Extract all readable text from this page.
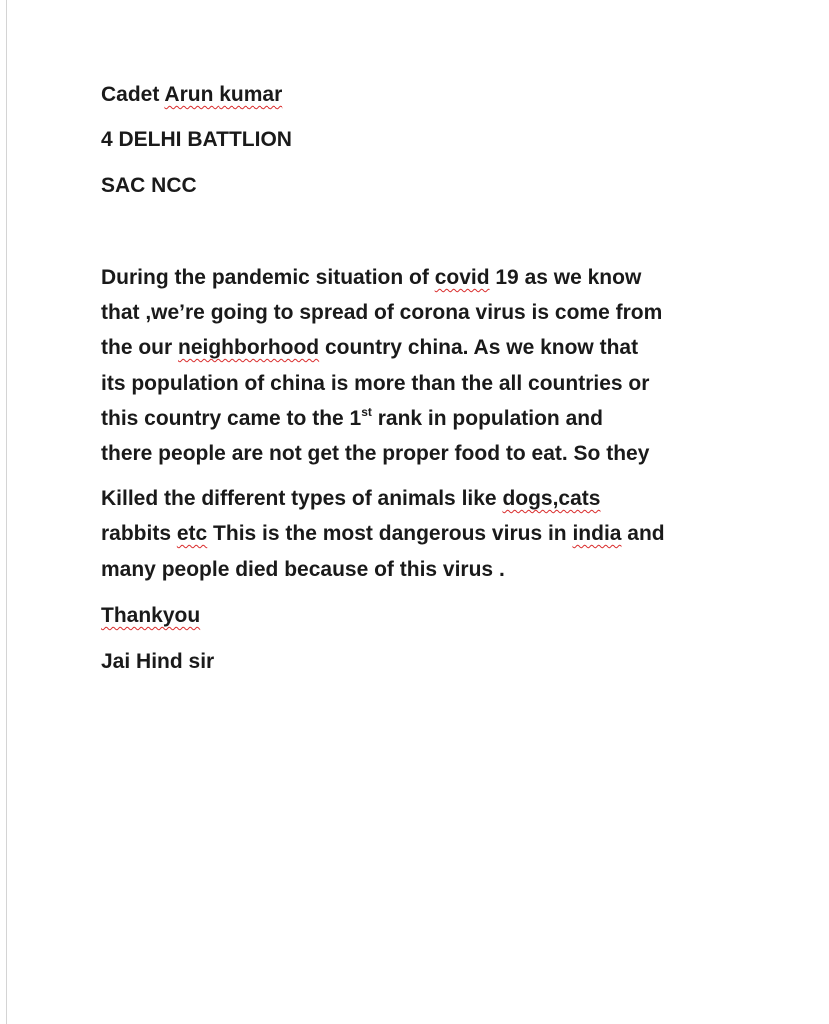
Cadet Arun kumar
4 DELHI BATTLION
SAC NCC
During the pandemic situation of covid 19 as we know
that ,we’re going to spread of corona virus is come from
the our neighborhood country china. As we know that
its population of china is more than the all countries or
this country came to the 1st rank in population and
there people are not get the proper food to eat. So they
Killed the different types of animals like dogs,cats
rabbits etc This is the most dangerous virus in india and
many people died because of this virus .
Thankyou
Jai Hind sir
